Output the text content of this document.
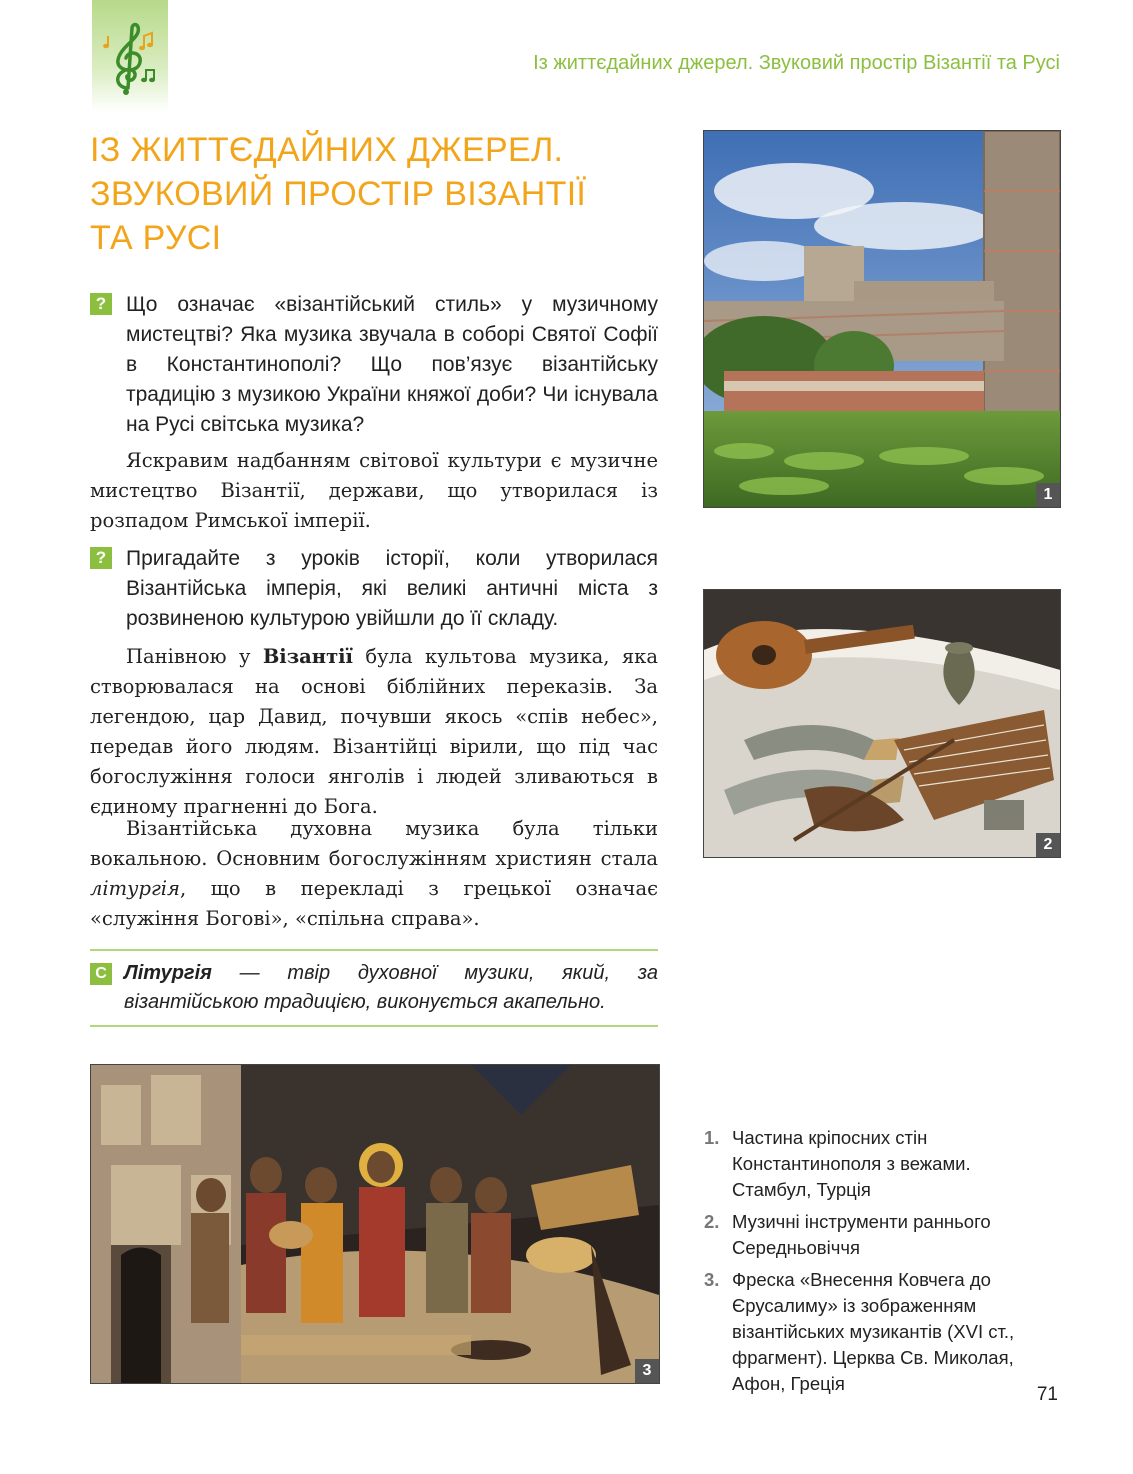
Із життєдайних джерел. Звуковий простір Візантії та Русі
ІЗ ЖИТТЄДАЙНИХ ДЖЕРЕЛ.
ЗВУКОВИЙ ПРОСТІР ВІЗАНТІЇ
ТА РУСІ
? Що означає «візантійський стиль» у музичному мистецтві? Яка музика звучала в соборі Святої Софії в Константинополі? Що пов’язує візантійську традицію з музикою України княжої доби? Чи існувала на Русі світська музика?

Яскравим надбанням світової культури є музичне мистецтво Візантії, держави, що утворилася із розпадом Римської імперії.

? Пригадайте з уроків історії, коли утворилася Візантійська імперія, які великі античні міста з розвиненою культурою увійшли до її складу.

Панівною у Візантії була культова музика, яка створювалася на основі біблійних переказів. За легендою, цар Давид, почувши якось «спів небес», передав його людям. Візантійці вірили, що під час богослужіння голоси янголів і людей зливаються в єдиному прагненні до Бога.

Візантійська духовна музика була тільки вокальною. Основним богослужінням християн стала літургія, що в перекладі з грецької означає «служіння Богові», «спільна справа».

С Літургія — твір духовної музики, який, за візантійською традицією, виконується акапельно.
1
2
3
1. Частина кріпосних стін Константинополя з вежами. Стамбул, Турція
2. Музичні інструменти раннього Середньовіччя
3. Фреска «Внесення Ковчега до Єрусалиму» із зображенням візантійських музикантів (XVI ст., фрагмент). Церква Св. Миколая, Афон, Греція
71
